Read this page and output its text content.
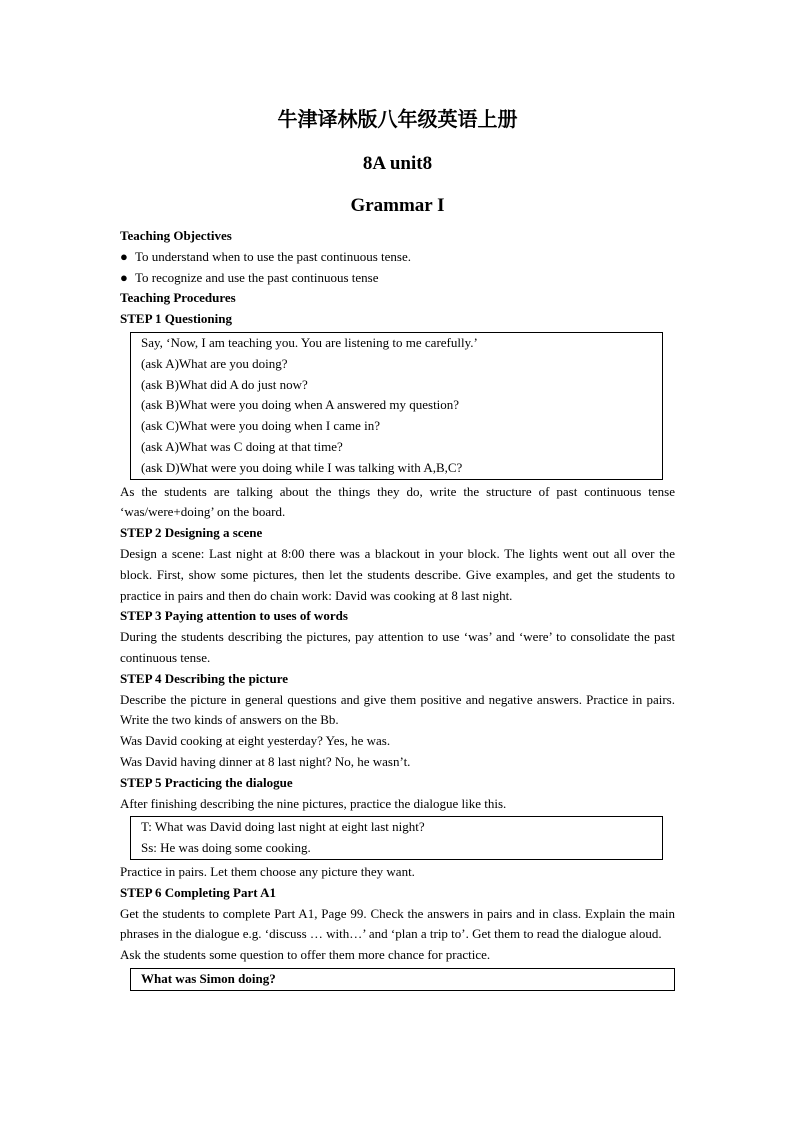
牛津译林版八年级英语上册
8A unit8
Grammar I
Teaching Objectives
● To understand when to use the past continuous tense.
● To recognize and use the past continuous tense
Teaching Procedures
STEP 1 Questioning
Say, ‘Now, I am teaching you. You are listening to me carefully.’
(ask A)What are you doing?
(ask B)What did A do just now?
(ask B)What were you doing when A answered my question?
(ask C)What were you doing when I came in?
(ask A)What was C doing at that time?
(ask D)What were you doing while I was talking with A,B,C?
As the students are talking about the things they do, write the structure of past continuous tense ‘was/were+doing’ on the board.
STEP 2 Designing a scene
Design a scene: Last night at 8:00 there was a blackout in your block. The lights went out all over the block. First, show some pictures, then let the students describe. Give examples, and get the students to practice in pairs and then do chain work: David was cooking at 8 last night.
STEP 3 Paying attention to uses of words
During the students describing the pictures, pay attention to use ‘was’ and ‘were’ to consolidate the past continuous tense.
STEP 4 Describing the picture
Describe the picture in general questions and give them positive and negative answers. Practice in pairs. Write the two kinds of answers on the Bb.
Was David cooking at eight yesterday? Yes, he was.
Was David having dinner at 8 last night? No, he wasn’t.
STEP 5 Practicing the dialogue
After finishing describing the nine pictures, practice the dialogue like this.
T: What was David doing last night at eight last night?
Ss: He was doing some cooking.
Practice in pairs. Let them choose any picture they want.
STEP 6 Completing Part A1
Get the students to complete Part A1, Page 99. Check the answers in pairs and in class. Explain the main phrases in the dialogue e.g. ‘discuss … with…’ and ‘plan a trip to’. Get them to read the dialogue aloud.
Ask the students some question to offer them more chance for practice.
What was Simon doing?
